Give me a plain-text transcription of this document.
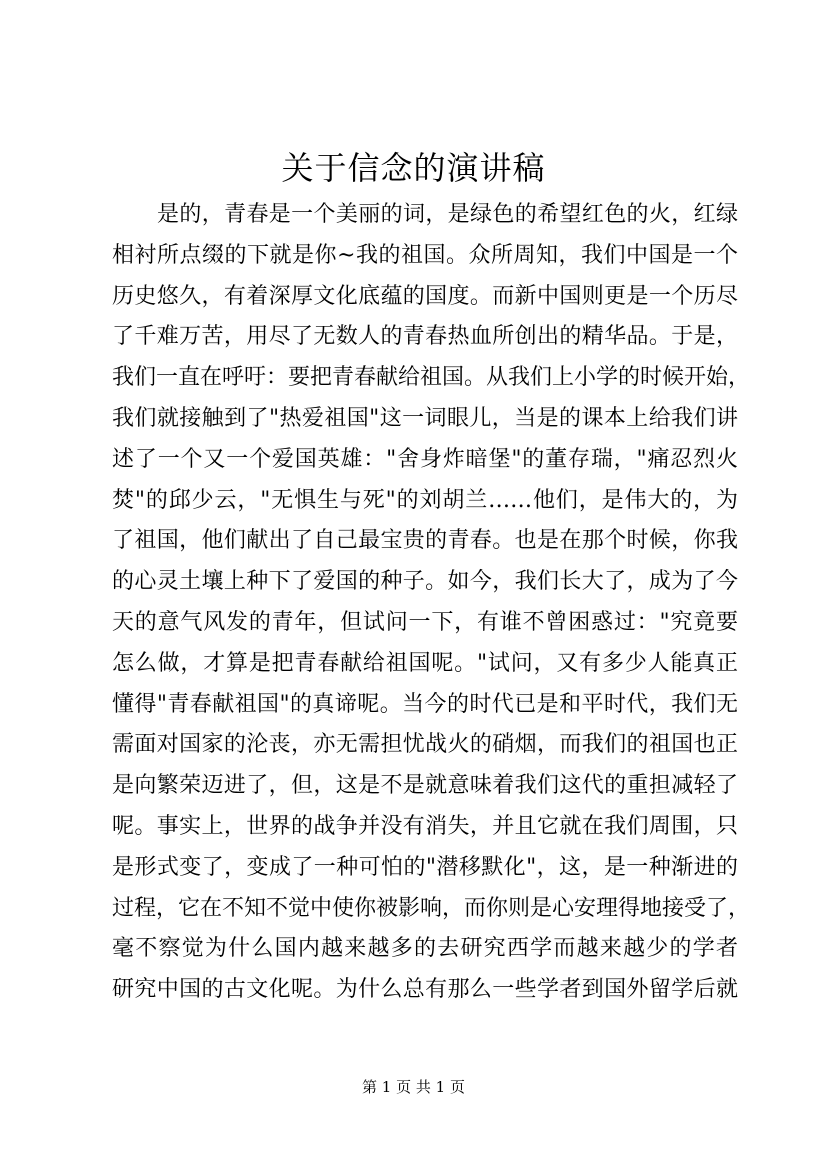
关于信念的演讲稿
是的，青春是一个美丽的词，是绿色的希望红色的火，红绿
相衬所点缀的下就是你~我的祖国。众所周知，我们中国是一个
历史悠久，有着深厚文化底蕴的国度。而新中国则更是一个历尽
了千难万苦，用尽了无数人的青春热血所创出的精华品。于是，
我们一直在呼吁：要把青春献给祖国。从我们上小学的时候开始，
我们就接触到了"热爱祖国"这一词眼儿，当是的课本上给我们讲
述了一个又一个爱国英雄："舍身炸暗堡"的董存瑞，"痛忍烈火
焚"的邱少云，"无惧生与死"的刘胡兰……他们，是伟大的，为
了祖国，他们献出了自己最宝贵的青春。也是在那个时候，你我
的心灵土壤上种下了爱国的种子。如今，我们长大了，成为了今
天的意气风发的青年，但试问一下，有谁不曾困惑过："究竟要
怎么做，才算是把青春献给祖国呢。"试问，又有多少人能真正
懂得"青春献祖国"的真谛呢。当今的时代已是和平时代，我们无
需面对国家的沦丧，亦无需担忧战火的硝烟，而我们的祖国也正
是向繁荣迈进了，但，这是不是就意味着我们这代的重担减轻了
呢。事实上，世界的战争并没有消失，并且它就在我们周围，只
是形式变了，变成了一种可怕的"潜移默化"，这，是一种渐进的
过程，它在不知不觉中使你被影响，而你则是心安理得地接受了，
毫不察觉为什么国内越来越多的去研究西学而越来越少的学者
研究中国的古文化呢。为什么总有那么一些学者到国外留学后就
第 1 页 共 1 页
